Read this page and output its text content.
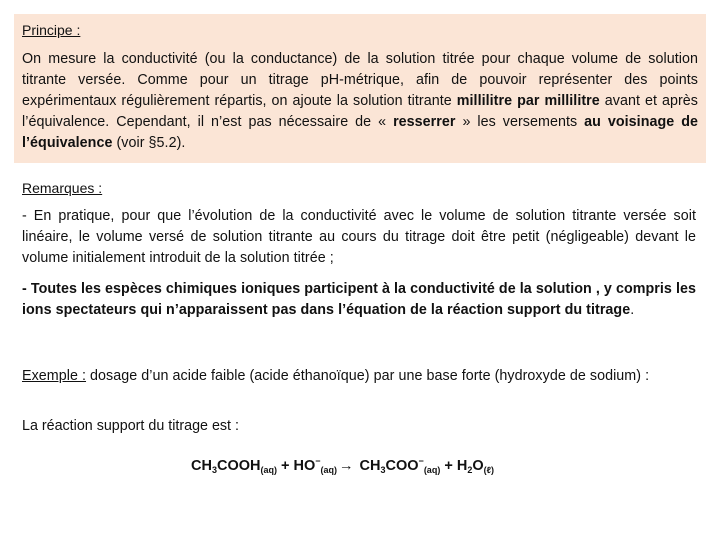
Principe :

On mesure la conductivité (ou la conductance) de la solution titrée pour chaque volume de solution titrante versée. Comme pour un titrage pH-métrique, afin de pouvoir représenter des points expérimentaux régulièrement répartis, on ajoute la solution titrante millilitre par millilitre avant et après l’équivalence. Cependant, il n’est pas nécessaire de « resserrer » les versements au voisinage de l’équivalence (voir §5.2).

Remarques :

- En pratique, pour que l’évolution de la conductivité avec le volume de solution titrante versée soit linéaire, le volume versé de solution titrante au cours du titrage doit être petit (négligeable) devant le volume initialement introduit de la solution titrée ;

- Toutes les espèces chimiques ioniques participent à la conductivité de la solution , y compris les ions spectateurs qui n’apparaissent pas dans l’équation de la réaction support du titrage.

Exemple : dosage d’un acide faible (acide éthanoïque) par une base forte (hydroxyde de sodium) :

La réaction support du titrage est :
$CH_3COOH_{(aq)} + HO^-_{(aq)} \to CH_3COO^-_{(aq)} + H_2O_{(\ell)}$
